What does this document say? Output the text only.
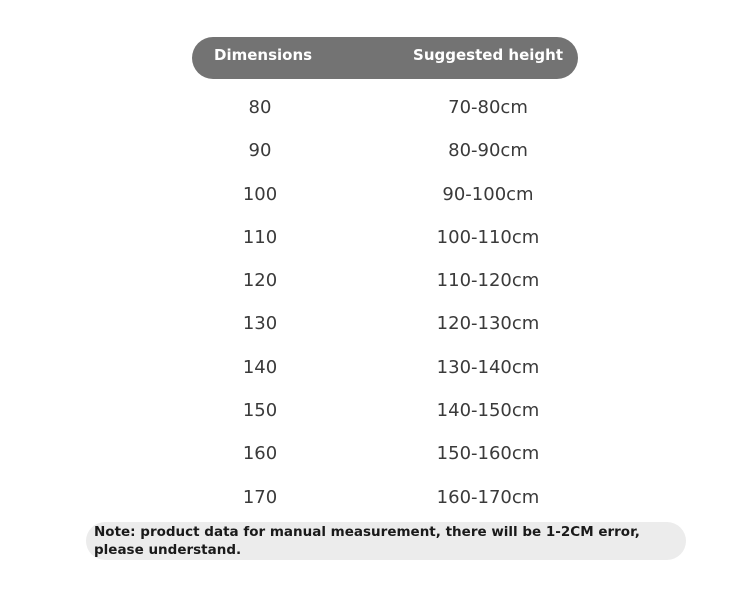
Dimensions	Suggested height
80	70-80cm
90	80-90cm
100	90-100cm
110	100-110cm
120	110-120cm
130	120-130cm
140	130-140cm
150	140-150cm
160	150-160cm
170	160-170cm
Note: product data for manual measurement, there will be 1-2CM error, please understand.
